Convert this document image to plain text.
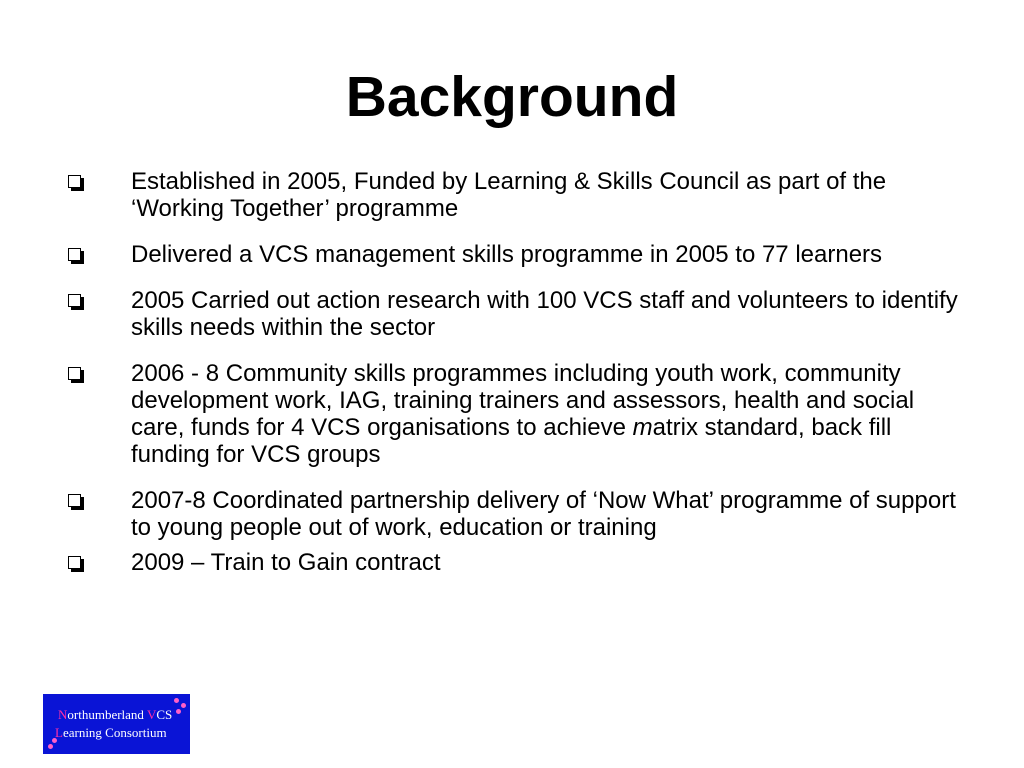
Background
Established in 2005, Funded by Learning & Skills Council as part of the ‘Working Together’ programme
Delivered a VCS management skills programme in 2005 to 77 learners
2005 Carried out action research with 100 VCS staff and volunteers to identify skills needs within the sector
2006 - 8 Community skills programmes including youth work, community development work, IAG, training trainers and assessors, health and social care, funds for 4 VCS organisations to achieve matrix standard, back fill funding for VCS groups
2007-8 Coordinated partnership delivery of ‘Now What’ programme of support to young people out of work, education or training
2009 – Train to Gain contract
Northumberland VCS
Learning Consortium
